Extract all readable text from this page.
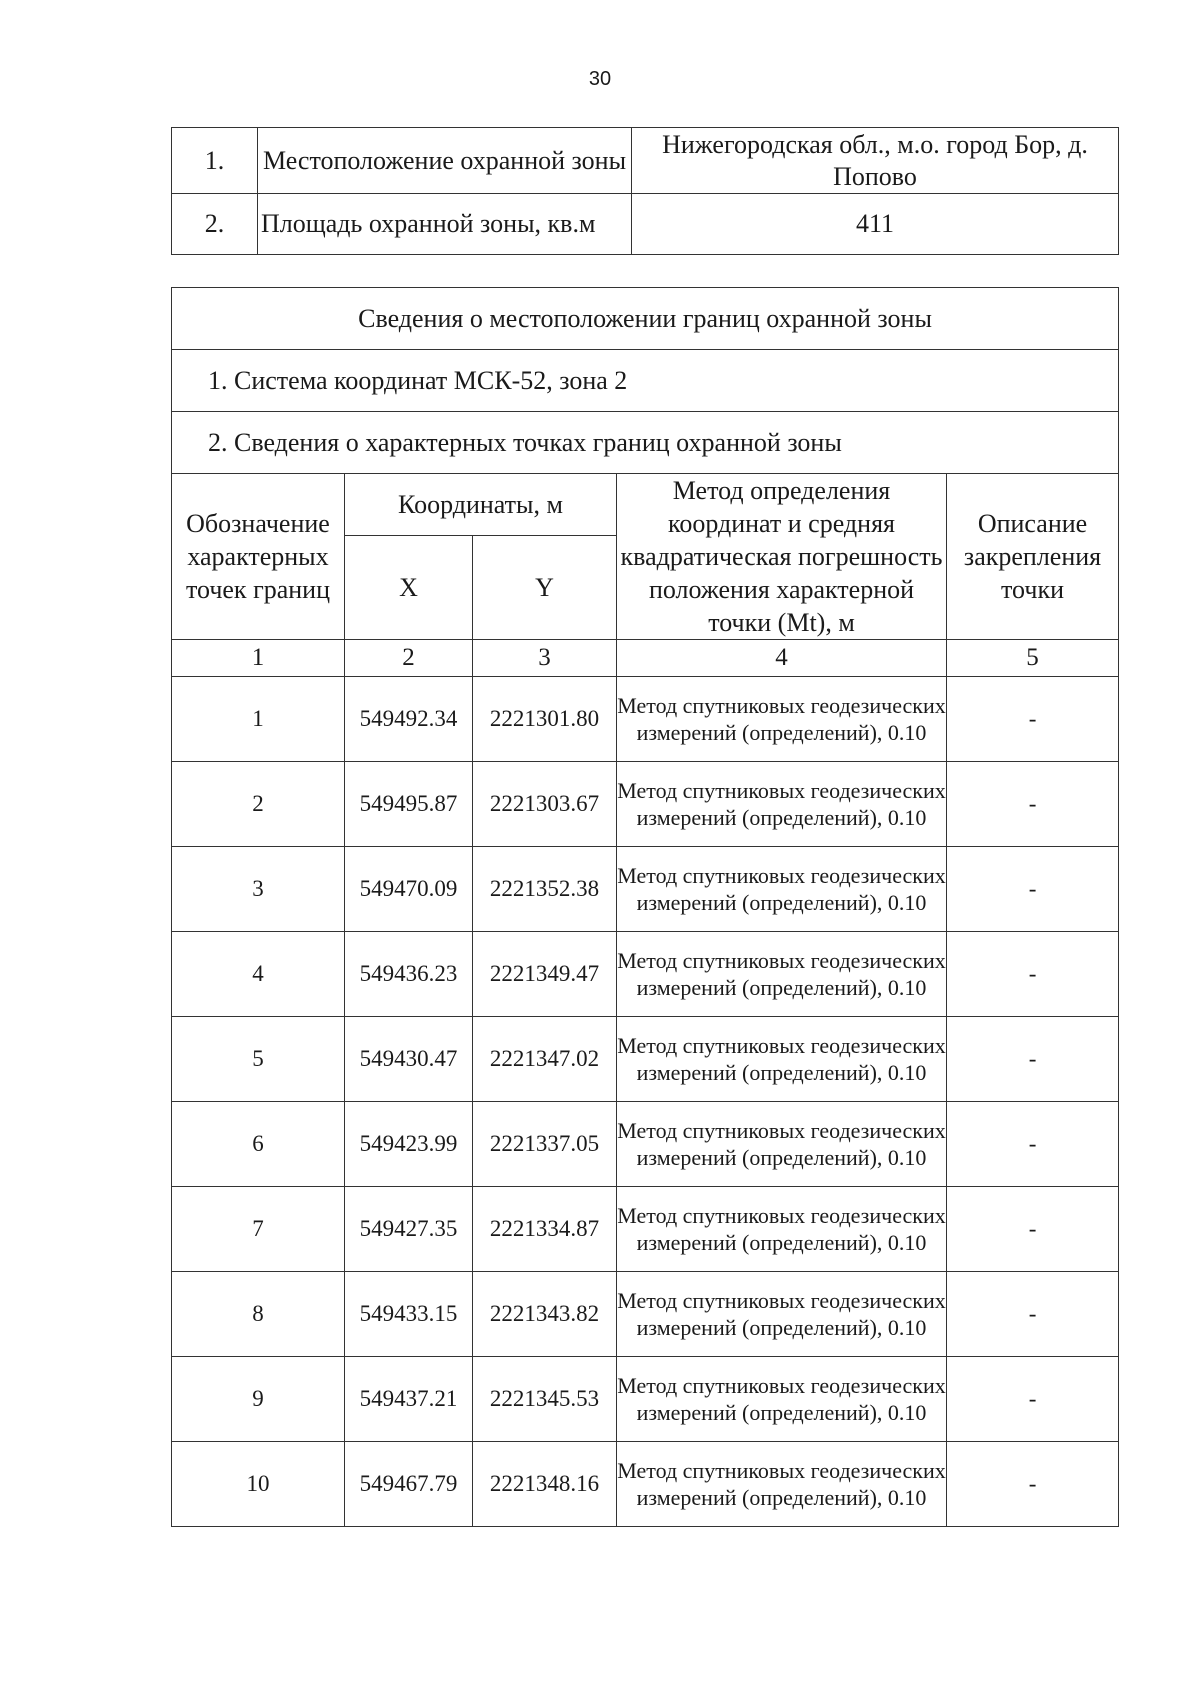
30
1.	Местоположение охранной зоны	Нижегородская обл., м.о. город Бор, д. Попово
2.	Площадь охранной зоны, кв.м	411
Сведения о местоположении границ охранной зоны				
1. Система координат МСК-52, зона 2				
2. Сведения о характерных точках границ охранной зоны				
Обозначение характерных точек границ	Координаты, м		Метод определения координат и средняя квадратическая погрешность положения характерной точки (Mt), м	Описание закрепления точки
	X	Y		
1	2	3	4	5
1	549492.34	2221301.80	Метод спутниковых геодезических измерений (определений), 0.10	-
2	549495.87	2221303.67	Метод спутниковых геодезических измерений (определений), 0.10	-
3	549470.09	2221352.38	Метод спутниковых геодезических измерений (определений), 0.10	-
4	549436.23	2221349.47	Метод спутниковых геодезических измерений (определений), 0.10	-
5	549430.47	2221347.02	Метод спутниковых геодезических измерений (определений), 0.10	-
6	549423.99	2221337.05	Метод спутниковых геодезических измерений (определений), 0.10	-
7	549427.35	2221334.87	Метод спутниковых геодезических измерений (определений), 0.10	-
8	549433.15	2221343.82	Метод спутниковых геодезических измерений (определений), 0.10	-
9	549437.21	2221345.53	Метод спутниковых геодезических измерений (определений), 0.10	-
10	549467.79	2221348.16	Метод спутниковых геодезических измерений (определений), 0.10	-
